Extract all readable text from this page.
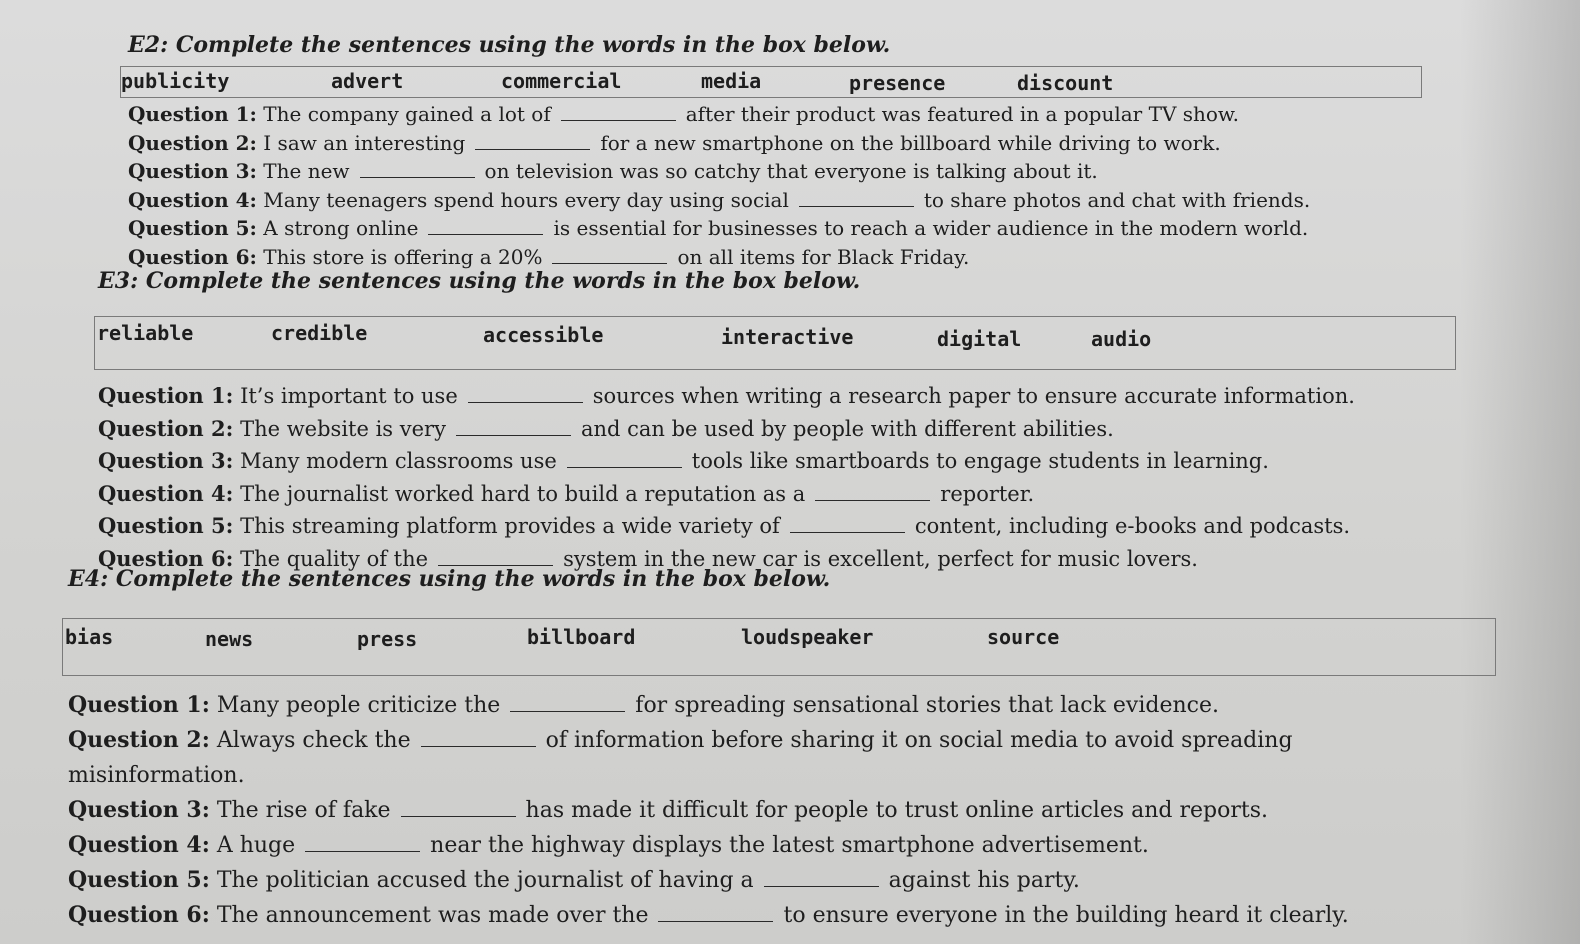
E2: Complete the sentences using the words in the box below.

publicity	advert	commercial	media	presence	discount
Question 1: The company gained a lot of	after their product was featured in a popular TV show.
Question 2: I saw an interesting	for a new smartphone on the billboard while driving to work.
Question 3: The new	on television was so catchy that everyone is talking about it.
Question 4: Many teenagers spend hours every day using social	to share photos and chat with friends.
Question 5: A strong online	is essential for businesses to reach a wider audience in the modern world.
Question 6: This store is offering a 20%	on all items for Black Friday.

E3: Complete the sentences using the words in the box below.

reliable	credible	accessible	interactive	digital	audio
Question 1: It’s important to use	sources when writing a research paper to ensure accurate information.
Question 2: The website is very	and can be used by people with different abilities.
Question 3: Many modern classrooms use	tools like smartboards to engage students in learning.
Question 4: The journalist worked hard to build a reputation as a	reporter.
Question 5: This streaming platform provides a wide variety of	content, including e-books and podcasts.
Question 6: The quality of the	system in the new car is excellent, perfect for music lovers.

E4: Complete the sentences using the words in the box below.

bias	news	press	billboard	loudspeaker	source
Question 1: Many people criticize the	for spreading sensational stories that lack evidence.
Question 2: Always check the	of information before sharing it on social media to avoid spreading misinformation.
Question 3: The rise of fake	has made it difficult for people to trust online articles and reports.
Question 4: A huge	near the highway displays the latest smartphone advertisement.
Question 5: The politician accused the journalist of having a	against his party.
Question 6: The announcement was made over the	to ensure everyone in the building heard it clearly.
